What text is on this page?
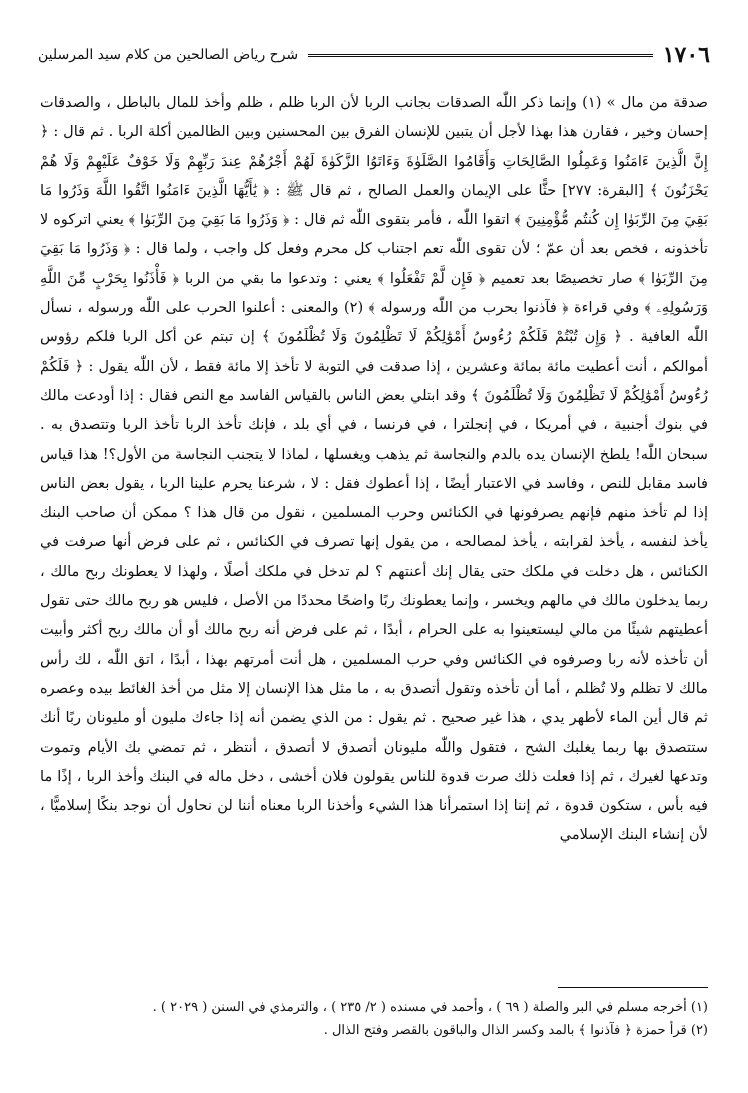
١٧٠٦
شرح رياض الصالحين من كلام سيد المرسلين

صدقة من مال » (١) وإنما ذكر اللّٰه الصدقات بجانب الربا لأن الربا ظلم ، ظلم وأخذ للمال بالباطل ، والصدقات إحسان وخير ، فقارن هذا بهذا لأجل أن يتبين للإنسان الفرق بين المحسنين وبين الظالمين أكلة الربا . ثم قال : ﴿ إِنَّ الَّذِينَ ءَامَنُوا وَعَمِلُوا الصَّالِحَاتِ وَأَقَامُوا الصَّلَوٰةَ وَءَاتَوُا الزَّكَوٰةَ لَهُمْ أَجْرُهُمْ عِندَ رَبِّهِمْ وَلَا خَوْفٌ عَلَيْهِمْ وَلَا هُمْ يَحْزَنُونَ ﴾ [البقرة: ٢٧٧] حثًّا على الإيمان والعمل الصالح ، ثم قال ﷺ : ﴿ يَٰأَيُّهَا الَّذِينَ ءَامَنُوا اتَّقُوا اللَّهَ وَذَرُوا مَا بَقِيَ مِنَ الرِّبَوٰا إِن كُنتُم مُّؤْمِنِينَ ﴾ اتقوا اللّٰه ، فأمر بتقوى اللّٰه ثم قال : ﴿ وَذَرُوا مَا بَقِيَ مِنَ الرِّبَوٰا ﴾ يعني اتركوه لا تأخذونه ، فخص بعد أن عمّ ؛ لأن تقوى اللّٰه تعم اجتناب كل محرم وفعل كل واجب ، ولما قال : ﴿ وَذَرُوا مَا بَقِيَ مِنَ الرِّبَوٰا ﴾ صار تخصيصًا بعد تعميم ﴿ فَإِن لَّمْ تَفْعَلُوا ﴾ يعني : وتدعوا ما بقي من الربا ﴿ فَأْذَنُوا بِحَرْبٍ مِّنَ اللَّهِ وَرَسُولِهِۦ ﴾ وفي قراءة ﴿ فآذنوا بحرب من اللّٰه ورسوله ﴾ (٢) والمعنى : أعلنوا الحرب على اللّٰه ورسوله ، نسأل اللّٰه العافية . ﴿ وَإِن تُبْتُمْ فَلَكُمْ رُءُوسُ أَمْوَٰلِكُمْ لَا تَظْلِمُونَ وَلَا تُظْلَمُونَ ﴾ إن تبتم عن أكل الربا فلكم رؤوس أموالكم ، أنت أعطيت مائة بمائة وعشرين ، إذا صدقت في التوبة لا تأخذ إلا مائة فقط ، لأن اللّٰه يقول : ﴿ فَلَكُمْ رُءُوسُ أَمْوَٰلِكُمْ لَا تَظْلِمُونَ وَلَا تُظْلَمُونَ ﴾ وقد ابتلي بعض الناس بالقياس الفاسد مع النص فقال : إذا أودعت مالك في بنوك أجنبية ، في أمريكا ، في إنجلترا ، في فرنسا ، في أي بلد ، فإنك تأخذ الربا تأخذ الربا وتتصدق به . سبحان اللّٰه! يلطخ الإنسان يده بالدم والنجاسة ثم يذهب ويغسلها ، لماذا لا يتجنب النجاسة من الأول؟! هذا قياس فاسد مقابل للنص ، وفاسد في الاعتبار أيضًا ، إذا أعطوك فقل : لا ، شرعنا يحرم علينا الربا ، يقول بعض الناس إذا لم تأخذ منهم فإنهم يصرفونها في الكنائس وحرب المسلمين ، نقول من قال هذا ؟ ممكن أن صاحب البنك يأخذ لنفسه ، يأخذ لقرابته ، يأخذ لمصالحه ، من يقول إنها تصرف في الكنائس ، ثم على فرض أنها صرفت في الكنائس ، هل دخلت في ملكك حتى يقال إنك أعنتهم ؟ لم تدخل في ملكك أصلًا ، ولهذا لا يعطونك ربح مالك ، ربما يدخلون مالك في مالهم ويخسر ، وإنما يعطونك ربًا واضحًا محددًا من الأصل ، فليس هو ربح مالك حتى تقول أعطيتهم شيئًا من مالي ليستعينوا به على الحرام ، أبدًا ، ثم على فرض أنه ربح مالك أو أن مالك ربح أكثر وأبيت أن تأخذه لأنه ربا وصرفوه في الكنائس وفي حرب المسلمين ، هل أنت أمرتهم بهذا ، أبدًا ، اتق اللّٰه ، لك رأس مالك لا تظلم ولا تُظلم ، أما أن تأخذه وتقول أتصدق به ، ما مثل هذا الإنسان إلا مثل من أخذ الغائط بيده وعصره ثم قال أين الماء لأطهر يدي ، هذا غير صحيح . ثم يقول : من الذي يضمن أنه إذا جاءك مليون أو مليونان ربًا أنك ستتصدق بها ربما يغلبك الشح ، فتقول واللّٰه مليونان أتصدق لا أتصدق ، أنتظر ، ثم تمضي بك الأيام وتموت وتدعها لغيرك ، ثم إذا فعلت ذلك صرت قدوة للناس يقولون فلان أخشى ، دخل ماله في البنك وأخذ الربا ، إذًا ما فيه بأس ، ستكون قدوة ، ثم إننا إذا استمرأنا هذا الشيء وأخذنا الربا معناه أننا لن نحاول أن نوجد بنكًا إسلاميًّا ، لأن إنشاء البنك الإسلامي

(١) أخرجه مسلم في البر والصلة ( ٦٩ ) ، وأحمد في مسنده ( ٢/ ٢٣٥ ) ، والترمذي في السنن ( ٢٠٢٩ ) .

(٢) قرأ حمزة ﴿ فآذنوا ﴾ بالمد وكسر الذال والباقون بالقصر وفتح الذال .
